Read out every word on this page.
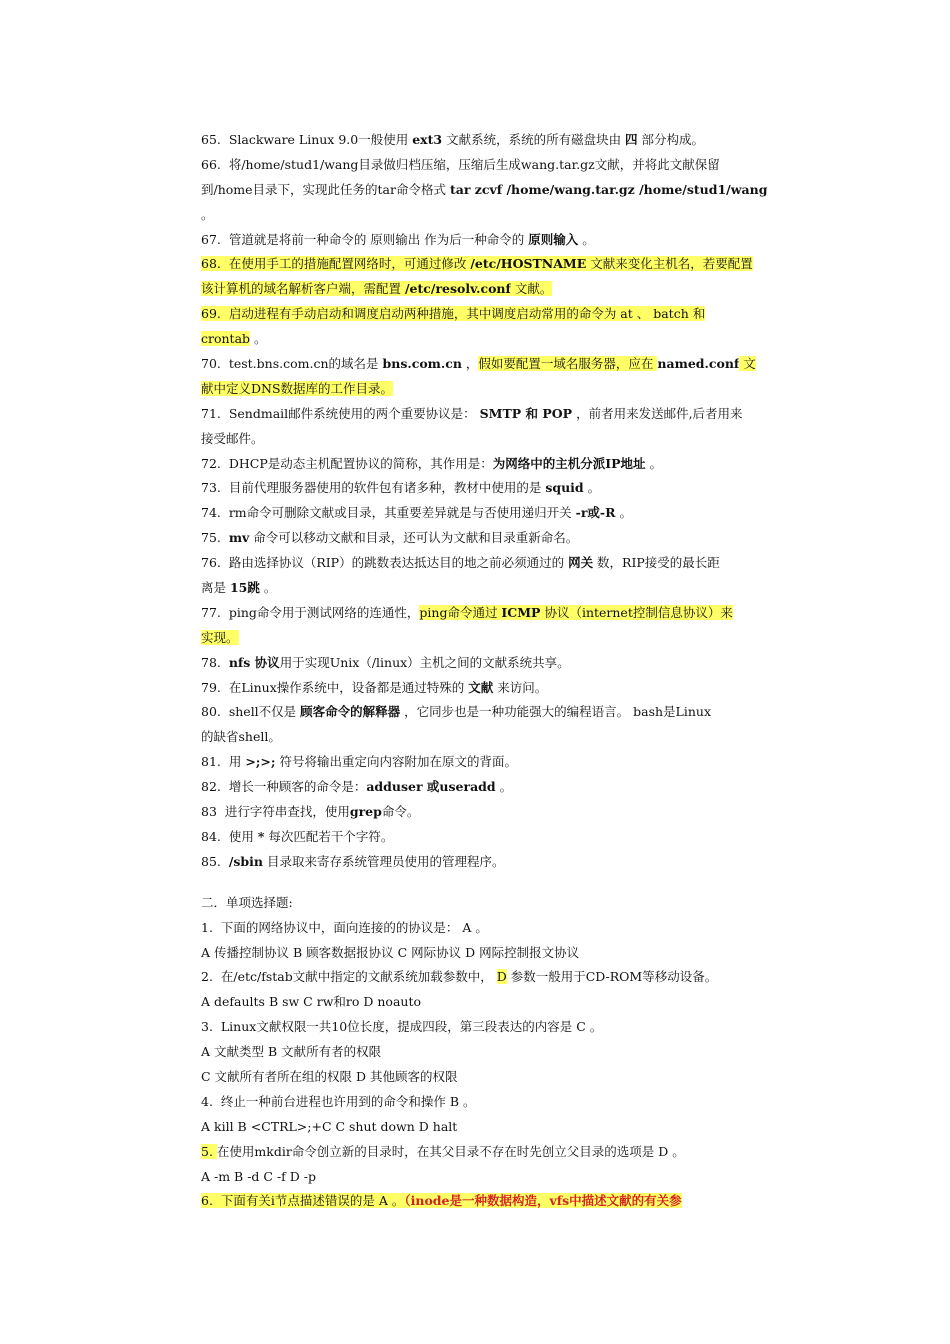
65.  Slackware Linux 9.0一般使用 ext3 文献系统，系统的所有磁盘块由 四 部分构成。
66.  将/home/stud1/wang目录做归档压缩，压缩后生成wang.tar.gz文献，并将此文献保留
到/home目录下，实现此任务的tar命令格式 tar zcvf /home/wang.tar.gz /home/stud1/wang
。
67.  管道就是将前一种命令的 原则输出 作为后一种命令的 原则输入 。
68.  在使用手工的措施配置网络时，可通过修改 /etc/HOSTNAME 文献来变化主机名，若要配置
该计算机的域名解析客户端，需配置 /etc/resolv.conf 文献。
69.  启动进程有手动启动和调度启动两种措施，其中调度启动常用的命令为 at 、 batch 和
crontab 。
70.  test.bns.com.cn的域名是 bns.com.cn ，假如要配置一域名服务器，应在 named.conf 文
献中定义DNS数据库的工作目录。
71.  Sendmail邮件系统使用的两个重要协议是： SMTP 和 POP ，前者用来发送邮件,后者用来
接受邮件。
72.  DHCP是动态主机配置协议的简称，其作用是：为网络中的主机分派IP地址 。
73.  目前代理服务器使用的软件包有诸多种，教材中使用的是 squid 。
74.  rm命令可删除文献或目录，其重要差异就是与否使用递归开关 -r或-R 。
75.  mv 命令可以移动文献和目录，还可认为文献和目录重新命名。
76.  路由选择协议（RIP）的跳数表达抵达目的地之前必须通过的 网关 数，RIP接受的最长距
离是 15跳 。
77.  ping命令用于测试网络的连通性，ping命令通过 ICMP 协议（internet控制信息协议）来
实现。
78.  nfs 协议用于实现Unix（/linux）主机之间的文献系统共享。
79.  在Linux操作系统中，设备都是通过特殊的 文献 来访问。
80.  shell不仅是 顾客命令的解释器 ，它同步也是一种功能强大的编程语言。 bash是Linux
的缺省shell。
81.  用 >;>; 符号将输出重定向内容附加在原文的背面。
82.  增长一种顾客的命令是：adduser 或useradd 。
83  进行字符串查找，使用grep命令。
84.  使用 * 每次匹配若干个字符。
85.  /sbin 目录取来寄存系统管理员使用的管理程序。
二．单项选择题:
1.  下面的网络协议中，面向连接的的协议是： A 。
A 传播控制协议 B 顾客数据报协议 C 网际协议 D 网际控制报文协议
2.  在/etc/fstab文献中指定的文献系统加载参数中， D 参数一般用于CD-ROM等移动设备。
A defaults B sw C rw和ro D noauto
3.  Linux文献权限一共10位长度，提成四段，第三段表达的内容是 C 。
A 文献类型 B 文献所有者的权限
C 文献所有者所在组的权限 D 其他顾客的权限
4.  终止一种前台进程也许用到的命令和操作 B 。
A kill B <CTRL>;+C C shut down D halt
5. 在使用mkdir命令创立新的目录时，在其父目录不存在时先创立父目录的选项是 D 。
A -m B -d C -f D -p
6.  下面有关i节点描述错误的是 A 。（inode是一种数据构造，vfs中描述文献的有关参
